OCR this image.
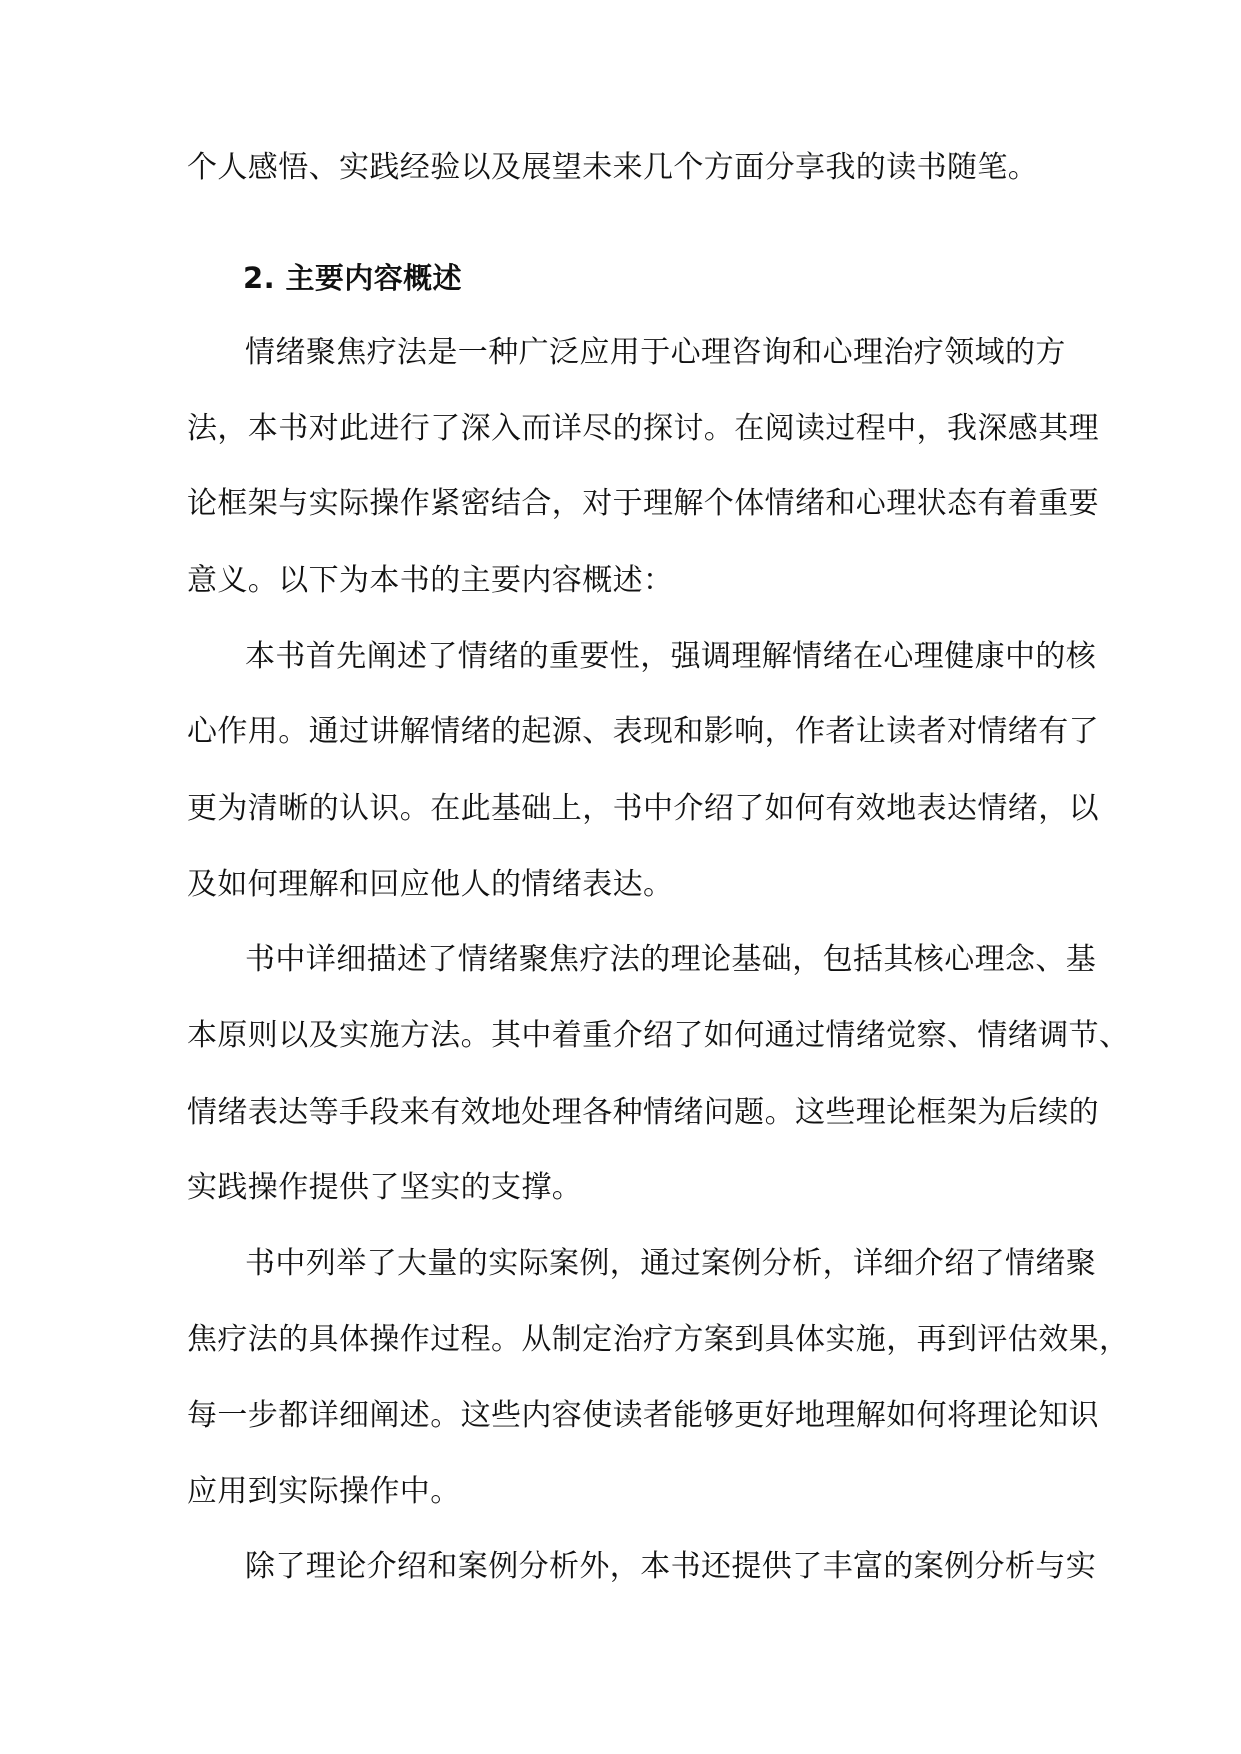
个人感悟、实践经验以及展望未来几个方面分享我的读书随笔。
2. 主要内容概述
情绪聚焦疗法是一种广泛应用于心理咨询和心理治疗领域的方
法，本书对此进行了深入而详尽的探讨。在阅读过程中，我深感其理
论框架与实际操作紧密结合，对于理解个体情绪和心理状态有着重要
意义。以下为本书的主要内容概述：
本书首先阐述了情绪的重要性，强调理解情绪在心理健康中的核
心作用。通过讲解情绪的起源、表现和影响，作者让读者对情绪有了
更为清晰的认识。在此基础上，书中介绍了如何有效地表达情绪，以
及如何理解和回应他人的情绪表达。
书中详细描述了情绪聚焦疗法的理论基础，包括其核心理念、基
本原则以及实施方法。其中着重介绍了如何通过情绪觉察、情绪调节、
情绪表达等手段来有效地处理各种情绪问题。这些理论框架为后续的
实践操作提供了坚实的支撑。
书中列举了大量的实际案例，通过案例分析，详细介绍了情绪聚
焦疗法的具体操作过程。从制定治疗方案到具体实施，再到评估效果，
每一步都详细阐述。这些内容使读者能够更好地理解如何将理论知识
应用到实际操作中。
除了理论介绍和案例分析外，本书还提供了丰富的案例分析与实
